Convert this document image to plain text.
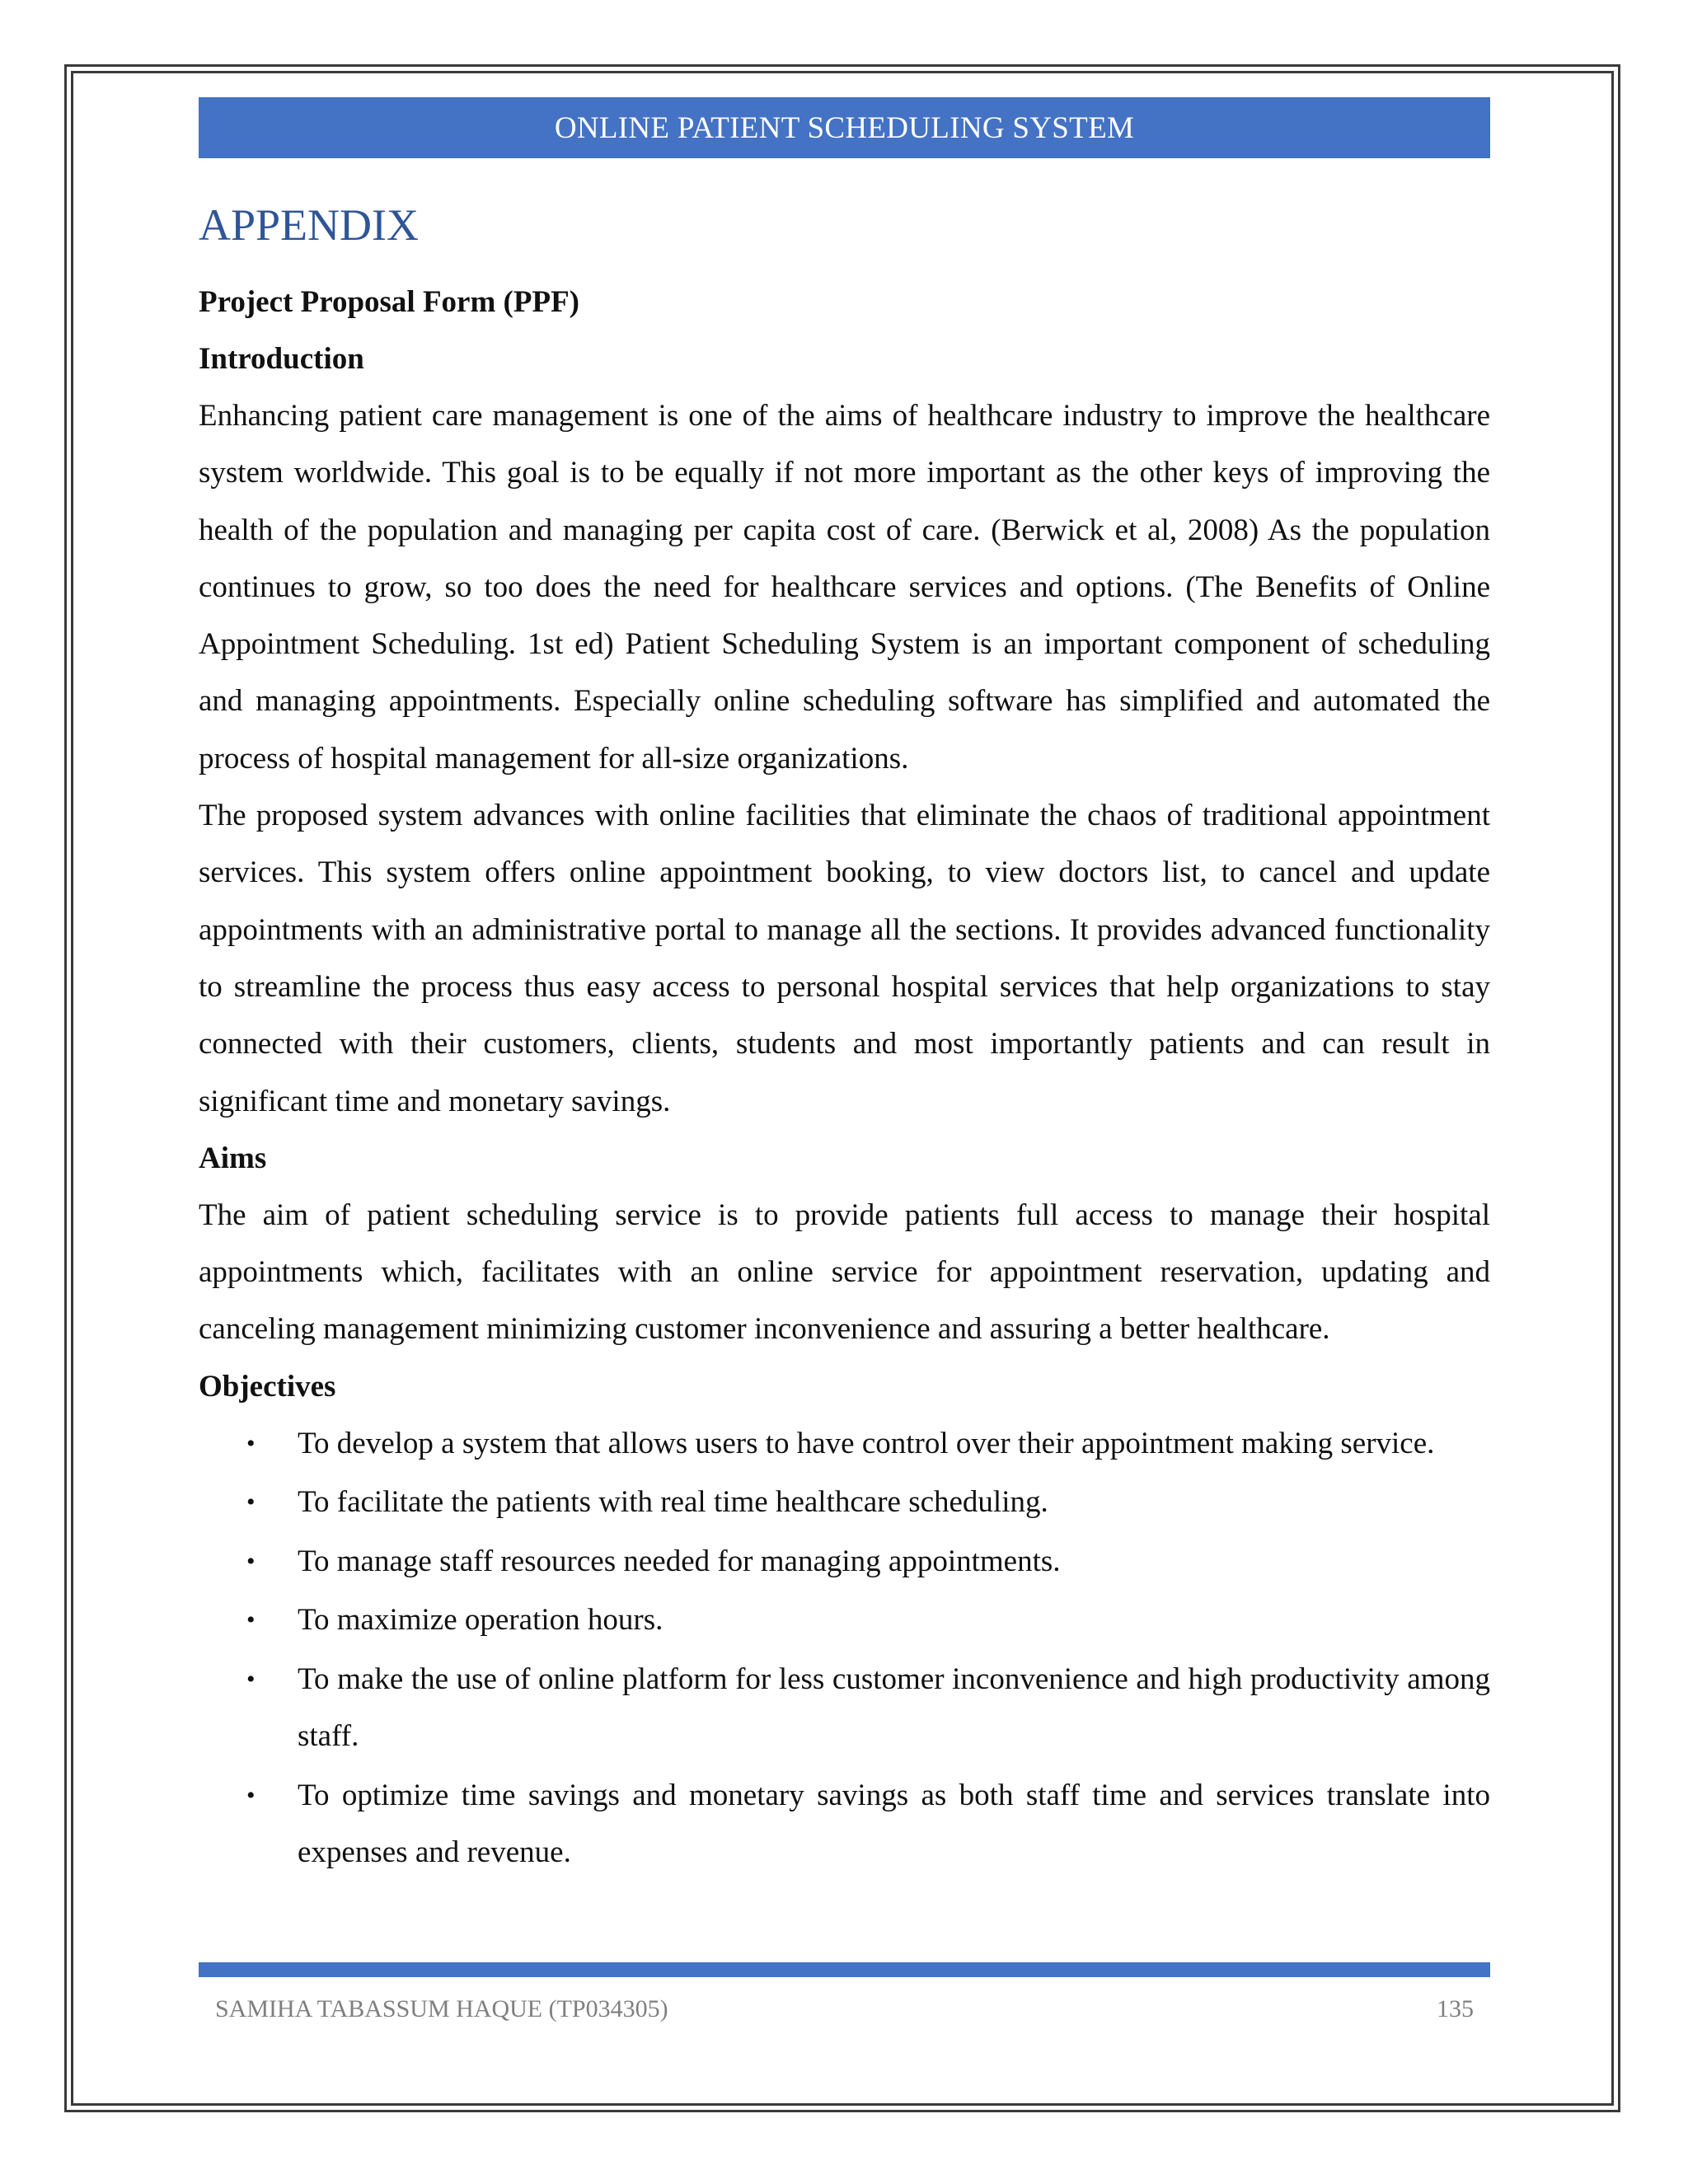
ONLINE PATIENT SCHEDULING SYSTEM
APPENDIX

Project Proposal Form (PPF)

Introduction

Enhancing patient care management is one of the aims of healthcare industry to improve the healthcare system worldwide. This goal is to be equally if not more important as the other keys of improving the health of the population and managing per capita cost of care. (Berwick et al, 2008) As the population continues to grow, so too does the need for healthcare services and options. (The Benefits of Online Appointment Scheduling. 1st ed) Patient Scheduling System is an important component of scheduling and managing appointments. Especially online scheduling software has simplified and automated the process of hospital management for all-size organizations.

The proposed system advances with online facilities that eliminate the chaos of traditional appointment services. This system offers online appointment booking, to view doctors list, to cancel and update appointments with an administrative portal to manage all the sections. It provides advanced functionality to streamline the process thus easy access to personal hospital services that help organizations to stay connected with their customers, clients, students and most importantly patients and can result in significant time and monetary savings.

Aims

The aim of patient scheduling service is to provide patients full access to manage their hospital appointments which, facilitates with an online service for appointment reservation, updating and canceling management minimizing customer inconvenience and assuring a better healthcare.

Objectives

• To develop a system that allows users to have control over their appointment making service.
• To facilitate the patients with real time healthcare scheduling.
• To manage staff resources needed for managing appointments.
• To maximize operation hours.
• To make the use of online platform for less customer inconvenience and high productivity among staff.
• To optimize time savings and monetary savings as both staff time and services translate into expenses and revenue.
SAMIHA TABASSUM HAQUE (TP034305)	135
